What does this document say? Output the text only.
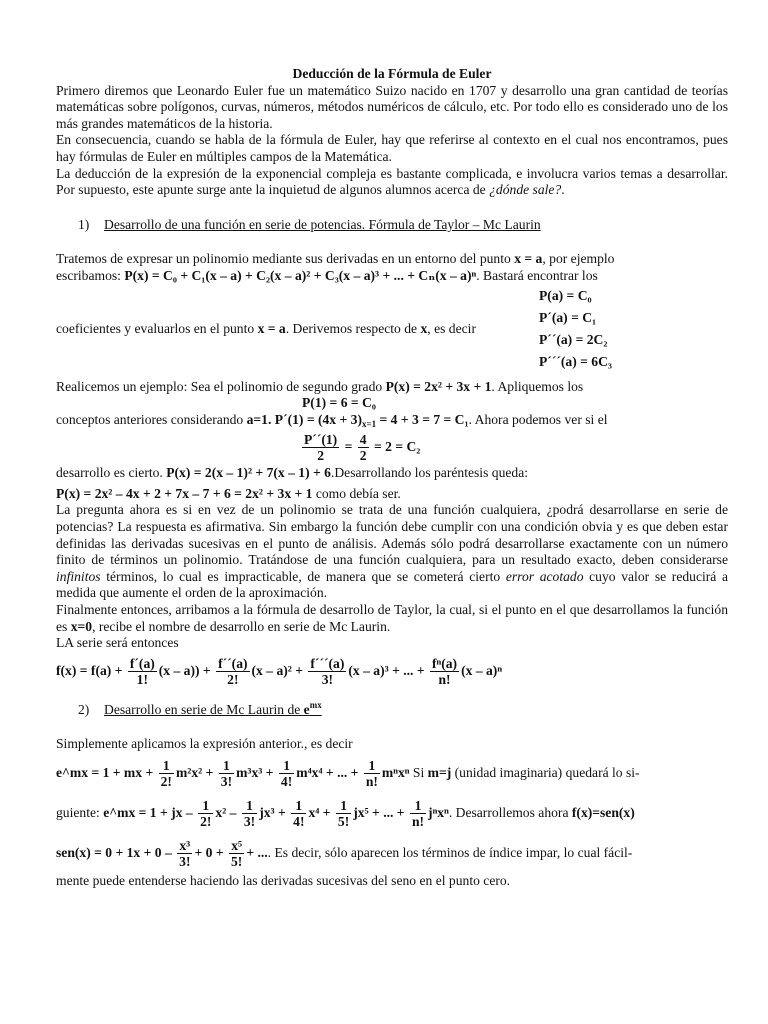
Deducción de la Fórmula de Euler

Primero diremos que Leonardo Euler fue un matemático Suizo nacido en 1707 y desarrollo una gran cantidad de teorías matemáticas sobre polígonos, curvas, números, métodos numéricos de cálculo, etc. Por todo ello es considerado uno de los más grandes matemáticos de la historia.

En consecuencia, cuando se habla de la fórmula de Euler, hay que referirse al contexto en el cual nos encontramos, pues hay fórmulas de Euler en múltiples campos de la Matemática.

La deducción de la expresión de la exponencial compleja es bastante complicada, e involucra varios temas a desarrollar. Por supuesto, este apunte surge ante la inquietud de algunos alumnos acerca de ¿dónde sale?.

1) Desarrollo de una función en serie de potencias. Fórmula de Taylor – Mc Laurin

Tratemos de expresar un polinomio mediante sus derivadas en un entorno del punto x = a, por ejemplo

escribamos: P(x) = C₀ + C₁(x – a) + C₂(x – a)² + C₃(x – a)³ + ... + Cₙ(x – a)ⁿ. Bastará encontrar los

P(a) = C₀
P´(a) = C₁
P´´(a) = 2C₂
P´´´(a) = 6C₃

coeficientes y evaluarlos en el punto x = a. Derivemos respecto de x, es decir

Realicemos un ejemplo: Sea el polinomio de segundo grado P(x) = 2x² + 3x + 1. Apliquemos los

P(1) = 6 = C₀

conceptos anteriores considerando a=1. P´(1) = $(4x + 3)_{x=1} = 4 + 3 = 7 = C_1$. Ahora podemos ver si el

$\frac{P´´(1)}{2} = \frac{4}{2} = 2 = C_2$

desarrollo es cierto. P(x) = 2(x – 1)² + 7(x – 1) + 6.Desarrollando los paréntesis queda:

P(x) = 2x² – 4x + 2 + 7x – 7 + 6 = 2x² + 3x + 1 como debía ser.

La pregunta ahora es si en vez de un polinomio se trata de una función cualquiera, ¿podrá desarrollarse en serie de potencias? La respuesta es afirmativa. Sin embargo la función debe cumplir con una condición obvia y es que deben estar definidas las derivadas sucesivas en el punto de análisis. Además sólo podrá desarrollarse exactamente con un número finito de términos un polinomio. Tratándose de una función cualquiera, para un resultado exacto, deben considerarse infinitos términos, lo cual es impracticable, de manera que se cometerá cierto error acotado cuyo valor se reducirá a medida que aumente el orden de la aproximación.

Finalmente entonces, arribamos a la fórmula de desarrollo de Taylor, la cual, si el punto en el que desarrollamos la función es x=0, recibe el nombre de desarrollo en serie de Mc Laurin.

LA serie será entonces

$f(x) = f(a) + \frac{f´(a)}{1!} (x - a)) + \frac{f´´(a)}{2!} (x - a)^2 + \frac{f´´´(a)}{3!} (x - a)^3$ + ... + $\frac{\text{fⁿ(a)}}{n!} (x - a)^n$

2) Desarrollo en serie de Mc Laurin de $e^{mx}$

Simplemente aplicamos la expresión anterior., es decir

e^mx = 1 + mx + $\frac{1}{2!} m^2x^2 + \frac{1}{3!} m^3x^3 + \frac{1}{4!} m^4x^4$ + ... + $\frac{1}{n!}$ mⁿxⁿ Si m=j (unidad imaginaria) quedará lo si-
guiente: e^mx = 1 + jx – $\frac{1}{2!} x^2 - \frac{1}{3!} jx^3 + \frac{1}{4!} x^4 + \frac{1}{5!} jx^5$ + ... + $\frac{1}{n!} j^nx^n$. Desarrollemos ahora f(x)=sen(x)
$sen(x) = 0 + 1x + 0 - \frac{\text{x³}}{3!} + 0 + \frac{\text{x⁵}}{5!}$ + .... Es decir, sólo aparecen los términos de índice impar, lo cual fácil-

mente puede entenderse haciendo las derivadas sucesivas del seno en el punto cero.
